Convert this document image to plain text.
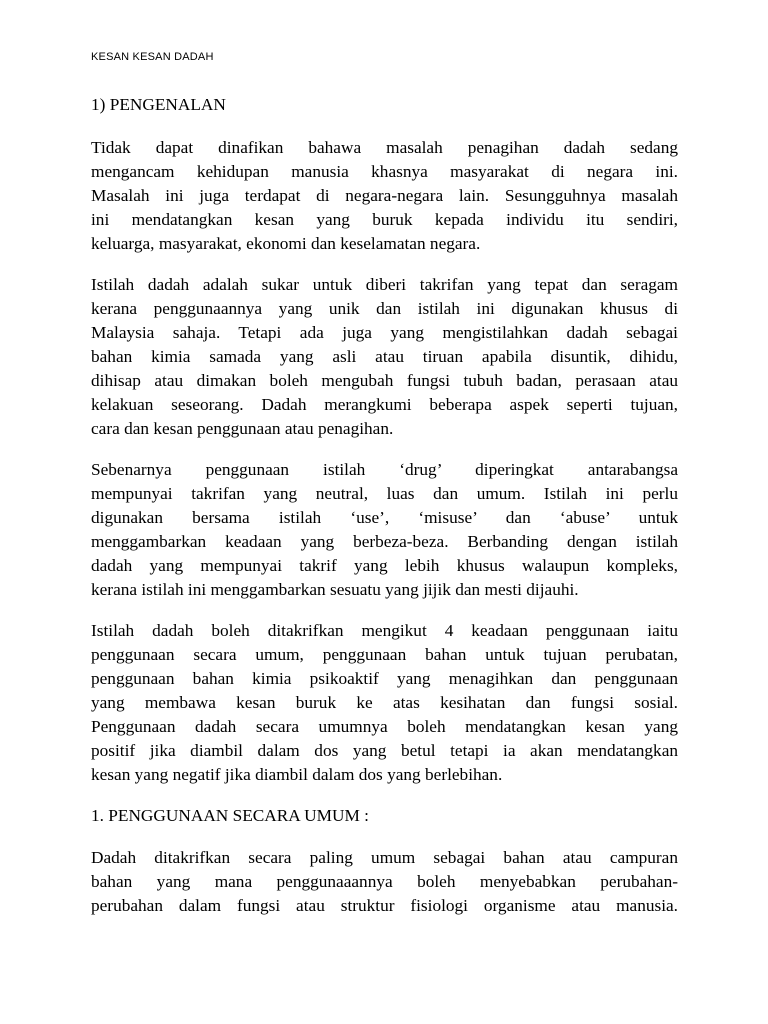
KESAN KESAN DADAH
1) PENGENALAN
Tidak dapat dinafikan bahawa masalah penagihan dadah sedang
mengancam kehidupan manusia khasnya masyarakat di negara ini.
Masalah ini juga terdapat di negara-negara lain. Sesungguhnya masalah
ini mendatangkan kesan yang buruk kepada individu itu sendiri,
keluarga, masyarakat, ekonomi dan keselamatan negara.
Istilah dadah adalah sukar untuk diberi takrifan yang tepat dan seragam
kerana penggunaannya yang unik dan istilah ini digunakan khusus di
Malaysia sahaja. Tetapi ada juga yang mengistilahkan dadah sebagai
bahan kimia samada yang asli atau tiruan apabila disuntik, dihidu,
dihisap atau dimakan boleh mengubah fungsi tubuh badan, perasaan atau
kelakuan seseorang. Dadah merangkumi beberapa aspek seperti tujuan,
cara dan kesan penggunaan atau penagihan.
Sebenarnya penggunaan istilah ‘drug’ diperingkat antarabangsa
mempunyai takrifan yang neutral, luas dan umum. Istilah ini perlu
digunakan bersama istilah ‘use’, ‘misuse’ dan ‘abuse’ untuk
menggambarkan keadaan yang berbeza-beza. Berbanding dengan istilah
dadah yang mempunyai takrif yang lebih khusus walaupun kompleks,
kerana istilah ini menggambarkan sesuatu yang jijik dan mesti dijauhi.
Istilah dadah boleh ditakrifkan mengikut 4 keadaan penggunaan iaitu
penggunaan secara umum, penggunaan bahan untuk tujuan perubatan,
penggunaan bahan kimia psikoaktif yang menagihkan dan penggunaan
yang membawa kesan buruk ke atas kesihatan dan fungsi sosial.
Penggunaan dadah secara umumnya boleh mendatangkan kesan yang
positif jika diambil dalam dos yang betul tetapi ia akan mendatangkan
kesan yang negatif jika diambil dalam dos yang berlebihan.
1. PENGGUNAAN SECARA UMUM :
Dadah ditakrifkan secara paling umum sebagai bahan atau campuran
bahan yang mana penggunaaannya boleh menyebabkan perubahan-
perubahan dalam fungsi atau struktur fisiologi organisme atau manusia.
